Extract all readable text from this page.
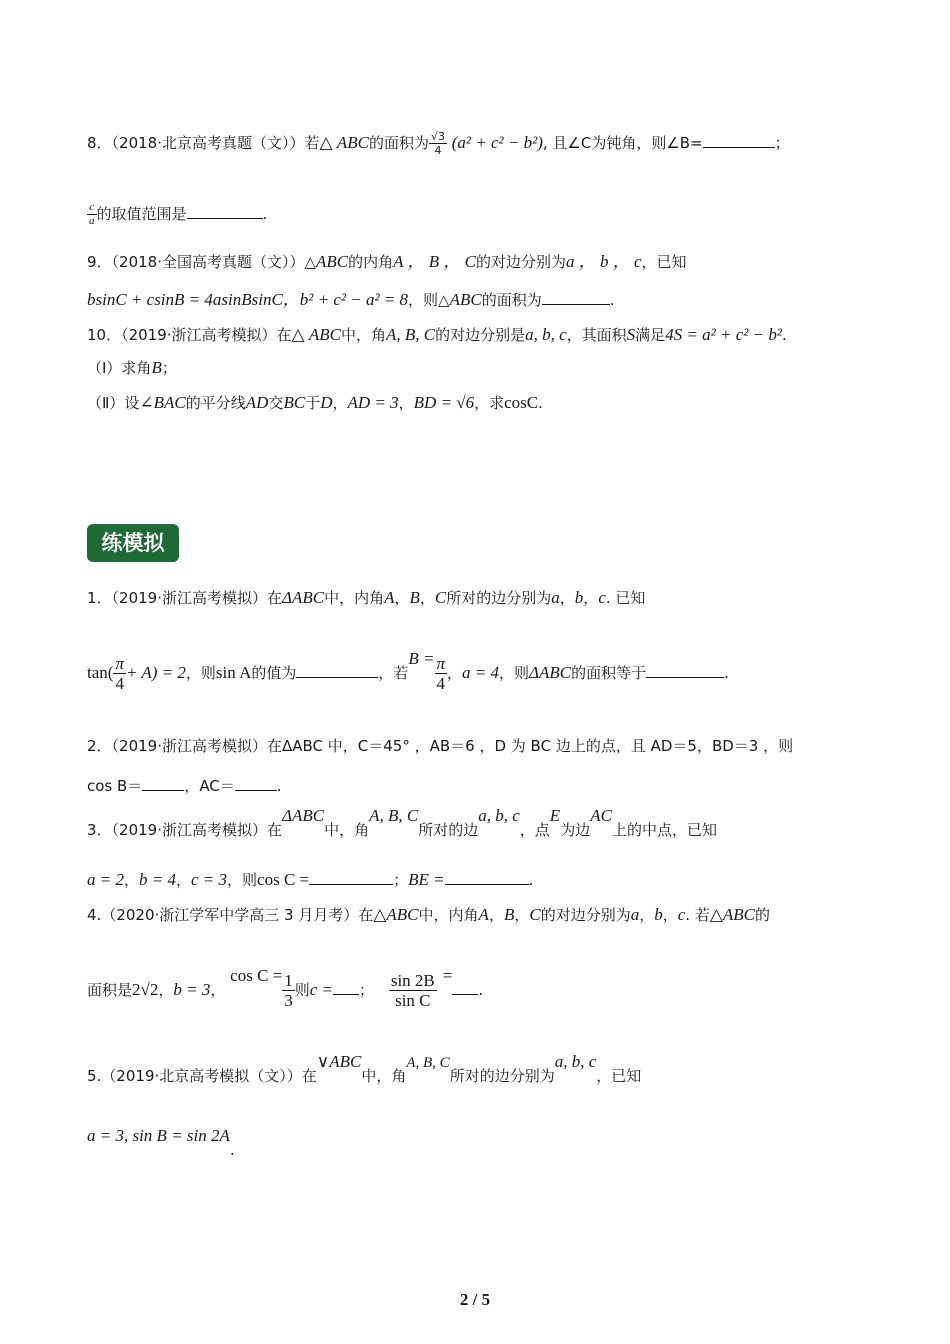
8．（2018·北京高考真题（文））若△ ABC的面积为 $\frac{√3}{4} (a^2 + c^2 - b^2)$, 且∠C为钝角，则∠B=	；
$\frac{c}{a}$ 的取值范围是	.
9．（2018·全国高考真题（文））△ABC的内角A ， B ， C的对边分别为a ， b ， c，已知
bsinC + csinB = 4asinBsinC，b² + c² − a² = 8，则△ABC的面积为	.
10．（2019·浙江高考模拟）在△ ABC中，角A, B, C的对边分别是a, b, c，其面积S满足4S = a² + c² − b².
（Ⅰ）求角B；
（Ⅱ）设∠BAC的平分线AD交BC于D，AD = 3，BD = √6，求cosC.
练模拟
1．（2019·浙江高考模拟）在ΔABC中，内角A，B，C所对的边分别为a，b，c. 已知
$\tan( \frac{\pi}{4} + A) = 2$，则sin A的值为	，若$B = \frac{\pi}{4}$ ，a = 4，则ΔABC的面积等于	.
2．（2019·浙江高考模拟）在ΔABC 中，C＝45° ，AB＝6 ，D 为 BC 边上的点，且 AD＝5，BD＝3 ，则
cos B＝	，AC＝	.
3．（2019·浙江高考模拟）在ΔABC中，角A, B, C所对的边a, b, c，点E为边AC上的中点，已知
a = 2，b = 4，c = 3，则cos C =	；BE =	.
4.（2020·浙江学军中学高三 3 月月考）在△ABC中，内角A，B，C的对边分别为a，b，c. 若△ABC的
面积是2√2，b = 3， $\cos C = \frac{1}{3}$ 则c = ； $\frac{\sin 2B}{\text{sin C}}$ =.
5.（2019·北京高考模拟（文））在∨ABC中，角A, B, C所对的边分别为a, b, c，已知
a = 3, sin B = sin 2A.
2 / 5
